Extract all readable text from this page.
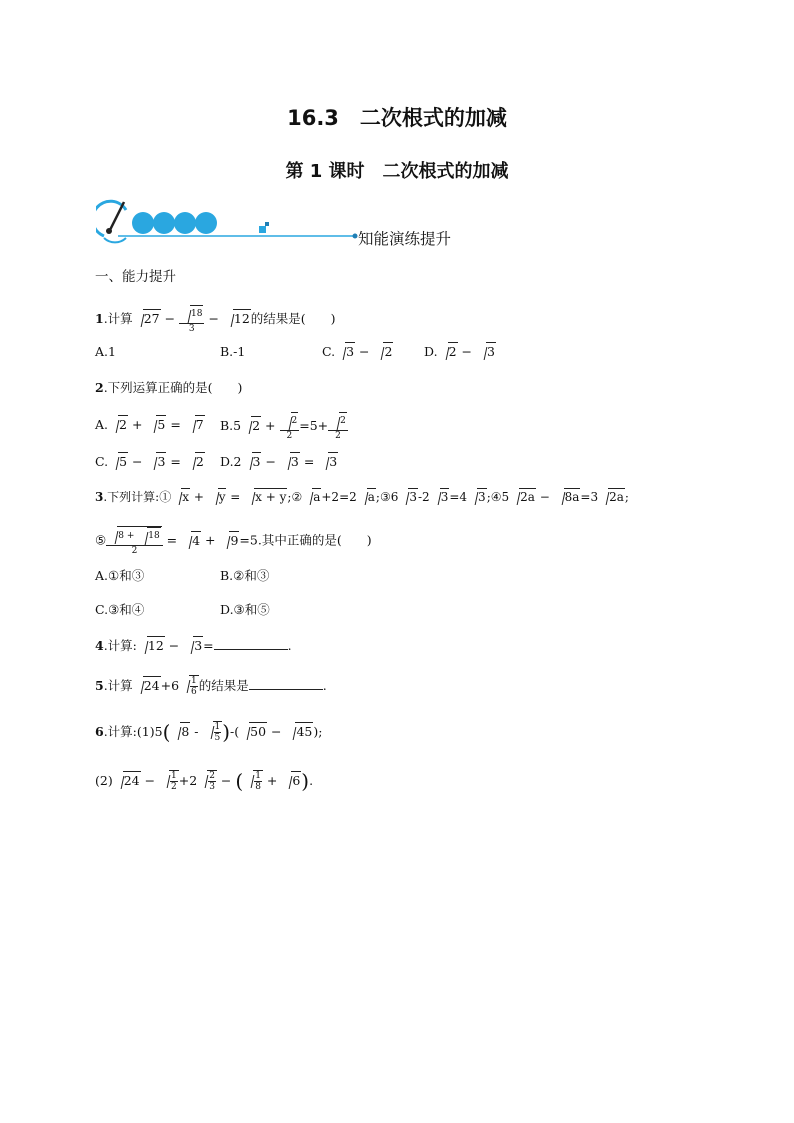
16.3　二次根式的加减
第 1 课时　二次根式的加减
知能演练提升
一、能力提升
1.计算 $27 - \frac{18}{3} - 12$的结果是(　　)
A.1	B.-1	C. 3 − 2	D. 2 − 3
2.下列运算正确的是(　　)
A. 2 + 5 = 7 B.5 $2 + \frac{2}{2} =5+ \frac{2}{2}$
C. 5 − 3 = 2 D.2 3 − 3 = 3
3.下列计算:① x + y = x + y;② a+2=2 a;③6 3-2 3=4 3;④5 2a − 8a=3 2a;
⑤ $\frac{8 + 18}{2} = 4 + 9=5$.其中正确的是(　　)
A.①和③	B.②和③
C.③和④	D.③和⑤
4.计算: 12 − 3=	.
5.计算 $24+6 \frac{1}{6}$ 的结果是	.
6.计算:(1)5( $8 - \frac{1}{5}$ )-( 50 − 45);
(2) $24 - \frac{1}{2} +2 \frac{2}{3}$ − ( $\frac{1}{8} + 6$).
